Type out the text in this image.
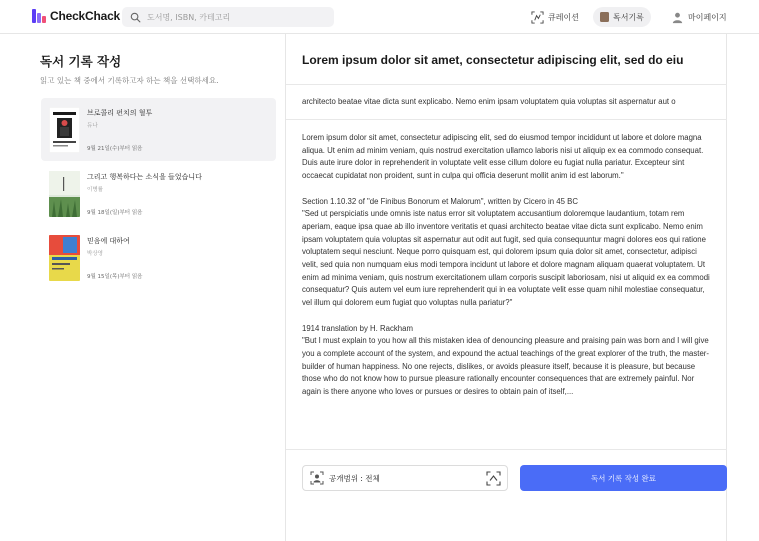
CheckChack
도서명, ISBN, 카테고리	큐레이션	독서기록	마이페이지
독서 기록 작성
읽고 있는 책 중에서 기록하고자 하는 책을 선택하세요.
브로콜리 펀치의 혈투
듀나
9월 21일(수)부터 읽음
그리고 행복하다는 소식을 들었습니다
이병률
9월 18일(일)부터 읽음
믿음에 대하여
박상영
9월 15일(목)부터 읽음
Lorem ipsum dolor sit amet, consectetur adipiscing elit, sed do eiu
architecto beatae vitae dicta sunt explicabo. Nemo enim ipsam voluptatem quia voluptas sit aspernatur aut o

Lorem ipsum dolor sit amet, consectetur adipiscing elit, sed do eiusmod tempor incididunt ut labore et dolore magna aliqua. Ut enim ad minim veniam, quis nostrud exercitation ullamco laboris nisi ut aliquip ex ea commodo consequat. Duis aute irure dolor in reprehenderit in voluptate velit esse cillum dolore eu fugiat nulla pariatur. Excepteur sint occaecat cupidatat non proident, sunt in culpa qui officia deserunt mollit anim id est laborum."

Section 1.10.32 of "de Finibus Bonorum et Malorum", written by Cicero in 45 BC
"Sed ut perspiciatis unde omnis iste natus error sit voluptatem accusantium doloremque laudantium, totam rem aperiam, eaque ipsa quae ab illo inventore veritatis et quasi architecto beatae vitae dicta sunt explicabo. Nemo enim ipsam voluptatem quia voluptas sit aspernatur aut odit aut fugit, sed quia consequuntur magni dolores eos qui ratione voluptatem sequi nesciunt. Neque porro quisquam est, qui dolorem ipsum quia dolor sit amet, consectetur, adipisci velit, sed quia non numquam eius modi tempora incidunt ut labore et dolore magnam aliquam quaerat voluptatem. Ut enim ad minima veniam, quis nostrum exercitationem ullam corporis suscipit laboriosam, nisi ut aliquid ex ea commodi consequatur? Quis autem vel eum iure reprehenderit qui in ea voluptate velit esse quam nihil molestiae consequatur, vel illum qui dolorem eum fugiat quo voluptas nulla pariatur?"

1914 translation by H. Rackham
"But I must explain to you how all this mistaken idea of denouncing pleasure and praising pain was born and I will give you a complete account of the system, and expound the actual teachings of the great explorer of the truth, the master-builder of human happiness. No one rejects, dislikes, or avoids pleasure itself, because it is pleasure, but because those who do not know how to pursue pleasure rationally encounter consequences that are extremely painful. Nor again is there anyone who loves or pursues or desires to obtain pain of itself,...

공개범위 : 전체	독서 기록 작성 완료
